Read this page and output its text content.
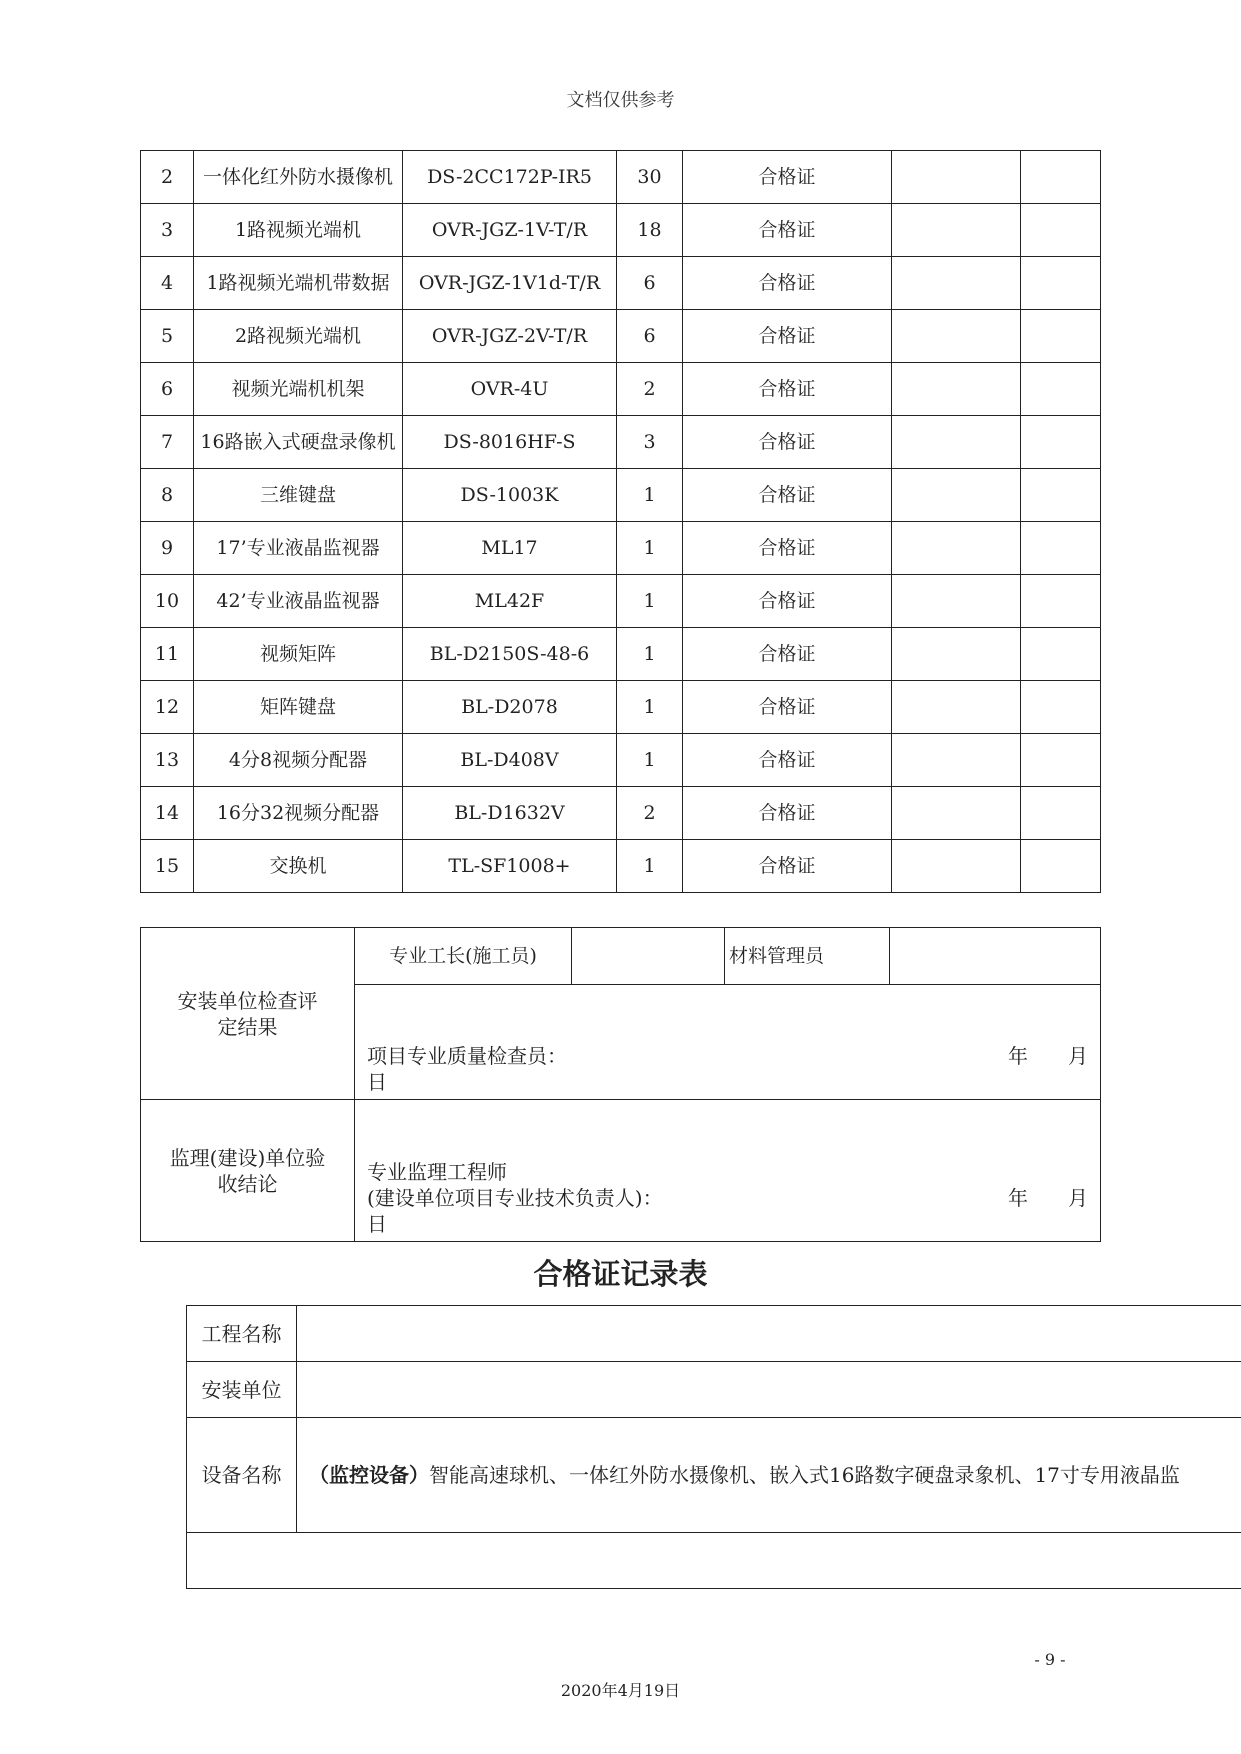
文档仅供参考
2	一体化红外防水摄像机	DS-2CC172P-IR5	30	合格证		
3	1路视频光端机	OVR-JGZ-1V-T/R	18	合格证		
4	1路视频光端机带数据	OVR-JGZ-1V1d-T/R	6	合格证		
5	2路视频光端机	OVR-JGZ-2V-T/R	6	合格证		
6	视频光端机机架	OVR-4U	2	合格证		
7	16路嵌入式硬盘录像机	DS-8016HF-S	3	合格证		
8	三维键盘	DS-1003K	1	合格证		
9	17’专业液晶监视器	ML17	1	合格证		
10	42’专业液晶监视器	ML42F	1	合格证		
11	视频矩阵	BL-D2150S-48-6	1	合格证		
12	矩阵键盘	BL-D2078	1	合格证		
13	4分8视频分配器	BL-D408V	1	合格证		
14	16分32视频分配器	BL-D1632V	2	合格证		
15	交换机	TL-SF1008+	1	合格证		
安装单位检查评定结果	专业工长(施工员)		材料管理员	

	项目专业质量检查员： 年 月
日			

监理(建设)单位验收结论	专业监理工程师
(建设单位项目专业技术负责人)： 年 月
日			
合格证记录表
工程名称	
安装单位	
设备名称	（监控设备）智能高速球机、一体红外防水摄像机、嵌入式16路数字硬盘录象机、17寸专用液晶监

- 9 -
2020年4月19日
